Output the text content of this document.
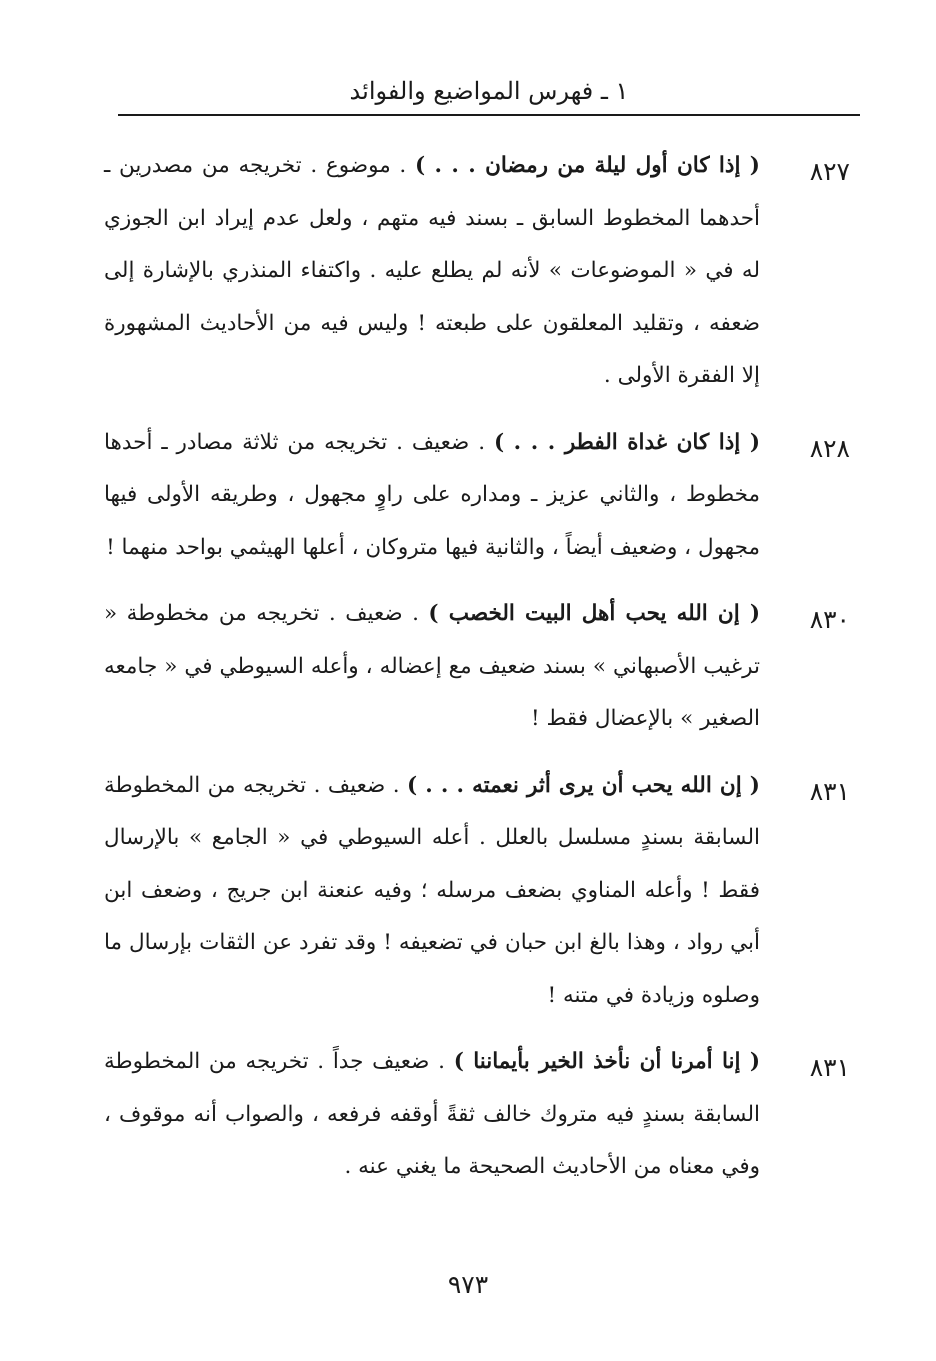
١ ـ فهرس المواضيع والفوائد
٨٢٧
( إذا كان أول ليلة من رمضان . . . ) . موضوع . تخريجه من مصدرين ـ أحدهما المخطوط السابق ـ بسند فيه متهم ، ولعل عدم إيراد ابن الجوزي له في « الموضوعات » لأنه لم يطلع عليه . واكتفاء المنذري بالإشارة إلى ضعفه ، وتقليد المعلقون على طبعته ! وليس فيه من الأحاديث المشهورة إلا الفقرة الأولى .
٨٢٨
( إذا كان غداة الفطر . . . ) . ضعيف . تخريجه من ثلاثة مصادر ـ أحدها مخطوط ، والثاني عزيز ـ ومداره على راوٍ مجهول ، وطريقه الأولى فيها مجهول ، وضعيف أيضاً ، والثانية فيها متروكان ، أعلها الهيثمي بواحد منهما !
٨٣٠
( إن الله يحب أهل البيت الخصب ) . ضعيف . تخريجه من مخطوطة « ترغيب الأصبهاني » بسند ضعيف مع إعضاله ، وأعله السيوطي في « جامعه الصغير » بالإعضال فقط !
٨٣١
( إن الله يحب أن يرى أثر نعمته . . . ) . ضعيف . تخريجه من المخطوطة السابقة بسندٍ مسلسل بالعلل . أعله السيوطي في « الجامع » بالإرسال فقط ! وأعله المناوي بضعف مرسله ؛ وفيه عنعنة ابن جريج ، وضعف ابن أبي رواد ، وهذا بالغ ابن حبان في تضعيفه ! وقد تفرد عن الثقات بإرسال ما وصلوه وزيادة في متنه !
٨٣١
( إنا أمرنا أن نأخذ الخير بأيماننا ) . ضعيف جداً . تخريجه من المخطوطة السابقة بسندٍ فيه متروك خالف ثقةً أوقفه فرفعه ، والصواب أنه موقوف ، وفي معناه من الأحاديث الصحيحة ما يغني عنه .
٩٧٣
